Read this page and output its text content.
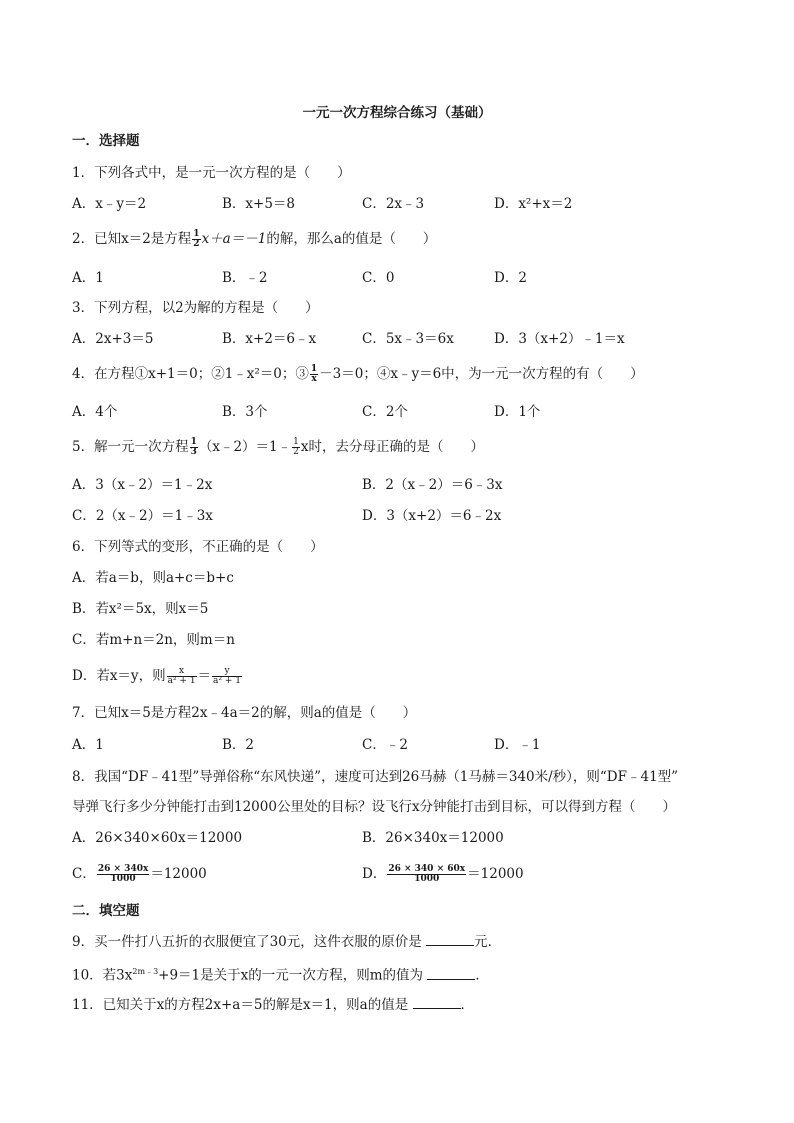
一元一次方程综合练习（基础）
一．选择题
1．下列各式中，是一元一次方程的是（　　）
A．x﹣y＝2	B．x+5＝8	C．2x﹣3	D．x²+x＝2
2．已知x＝2是方程 $\frac{1}{2} x+a=-1$的解，那么a的值是（　　）
A．1	B．﹣2	C．0	D．2
3．下列方程，以2为解的方程是（　　）
A．2x+3＝5	B．x+2＝6﹣x	C．5x﹣3＝6x	D．3（x+2）﹣1＝x
4．在方程①x+1＝0；②1﹣x²＝0；③ $\frac{1}{x} -3=0$；④x﹣y＝6中，为一元一次方程的有（　　）
A．4个	B．3个	C．2个	D．1个
5．解一元一次方程 $\frac{1}{3}$ （x﹣2）＝1﹣ $\frac{1}{2}$ x时，去分母正确的是（　　）
A．3（x﹣2）＝1﹣2x	B．2（x﹣2）＝6﹣3x
C．2（x﹣2）＝1﹣3x	D．3（x+2）＝6﹣2x
6．下列等式的变形，不正确的是（　　）
A．若a＝b，则a+c＝b+c
B．若x²＝5x，则x＝5
C．若m+n＝2n，则m＝n
D．若x＝y，则 $\frac{x}{\text{a² + 1}} = \frac{y}{\text{a² + 1}}$
7．已知x＝5是方程2x﹣4a＝2的解，则a的值是（　　）
A．1	B．2	C．﹣2	D．﹣1
8．我国“DF﹣41型”导弹俗称“东风快递”，速度可达到26马赫（1马赫＝340米/秒），则“DF﹣41型”
导弹飞行多少分钟能打击到12000公里处的目标？设飞行x分钟能打击到目标，可以得到方程（　　）
A．26×340×60x＝12000	B．26×340x＝12000
C． $\frac{26 \times 340x}{1000} =12000$	D． $\frac{26 \times 340 \times 60x}{1000} =12000$
二．填空题
9．买一件打八五折的衣服便宜了30元，这件衣服的原价是	元．
10．若$3x^{2m﹣3}+9=1$是关于x的一元一次方程，则m的值为	．
11．已知关于x的方程2x+a＝5的解是x＝1，则a的值是	．
